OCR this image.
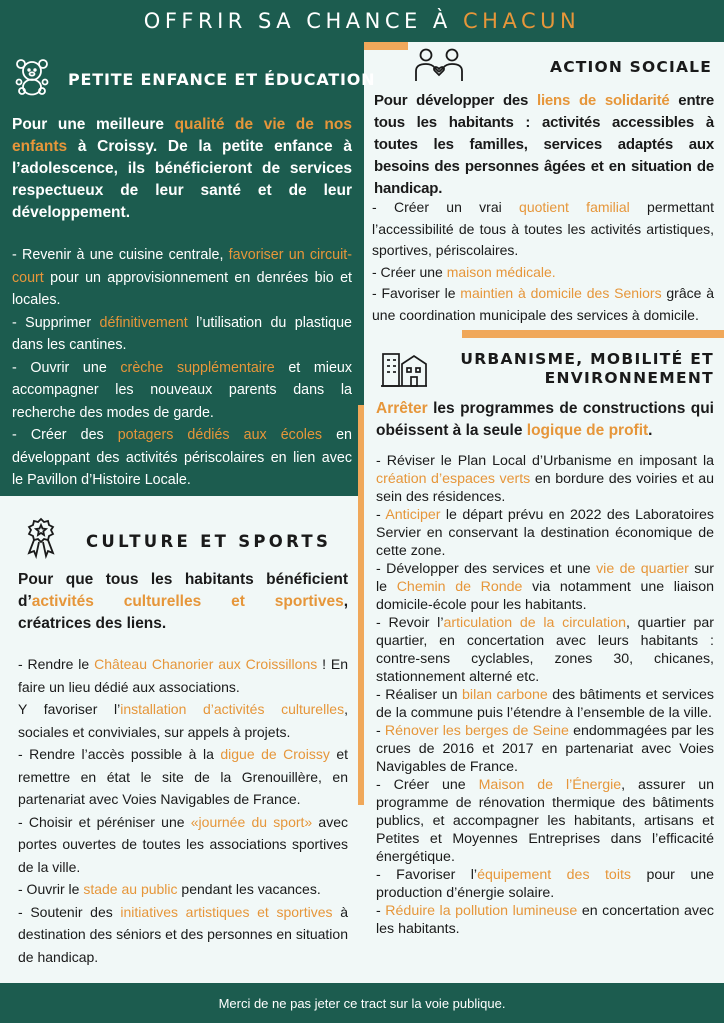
OFFRIR SA CHANCE À CHACUN
PETITE ENFANCE ET ÉDUCATION
Pour une meilleure qualité de vie de nos enfants à Croissy. De la petite enfance à l’adolescence, ils bénéficieront de services respectueux de leur santé et de leur développement.

- Revenir à une cuisine centrale, favoriser un circuit-court pour un approvisionnement en denrées bio et locales.

- Supprimer définitivement l’utilisation du plastique dans les cantines.

- Ouvrir une crèche supplémentaire et mieux accompagner les nouveaux parents dans la recherche des modes de garde.

- Créer des potagers dédiés aux écoles en développant des activités périscolaires en lien avec le Pavillon d’Histoire Locale.

ACTION SOCIALE
Pour développer des liens de solidarité entre tous les habitants : activités accessibles à toutes les familles, services adaptés aux besoins des personnes âgées et en situation de handicap.

- Créer un vrai quotient familial permettant l’accessibilité de tous à toutes les activités artistiques, sportives, périscolaires.

- Créer une maison médicale.

- Favoriser le maintien à domicile des Seniors grâce à une coordination municipale des services à domicile.

URBANISME, MOBILITÉ ET
ENVIRONNEMENT
Arrêter les programmes de constructions qui obéissent à la seule logique de profit.

- Réviser le Plan Local d’Urbanisme en imposant la création d’espaces verts en bordure des voiries et au sein des résidences.

- Anticiper le départ prévu en 2022 des Laboratoires Servier en conservant la destination économique de cette zone.

- Développer des services et une vie de quartier sur le Chemin de Ronde via notamment une liaison domicile-école pour les habitants.

- Revoir l’articulation de la circulation, quartier par quartier, en concertation avec leurs habitants : contre-sens cyclables, zones 30, chicanes, stationnement alterné etc.

- Réaliser un bilan carbone des bâtiments et services de la commune puis l’étendre à l’ensemble de la ville.

- Rénover les berges de Seine endommagées par les crues de 2016 et 2017 en partenariat avec Voies Navigables de France.

- Créer une Maison de l’Énergie, assurer un programme de rénovation thermique des bâtiments publics, et accompagner les habitants, artisans et Petites et Moyennes Entreprises dans l’efficacité énergétique.

- Favoriser l’équipement des toits pour une production d’énergie solaire.

- Réduire la pollution lumineuse en concertation avec les habitants.

CULTURE ET SPORTS
Pour que tous les habitants bénéficient d’activités culturelles et sportives, créatrices des liens.

- Rendre le Château Chanorier aux Croissillons ! En faire un lieu dédié aux associations.

Y favoriser l’installation d’activités culturelles, sociales et conviviales, sur appels à projets.

- Rendre l’accès possible à la digue de Croissy et remettre en état le site de la Grenouillère, en partenariat avec Voies Navigables de France.

- Choisir et péréniser une «journée du sport» avec portes ouvertes de toutes les associations sportives de la ville.

- Ouvrir le stade au public pendant les vacances.

- Soutenir des initiatives artistiques et sportives à destination des séniors et des personnes en situation de handicap.

Merci de ne pas jeter ce tract sur la voie publique.
